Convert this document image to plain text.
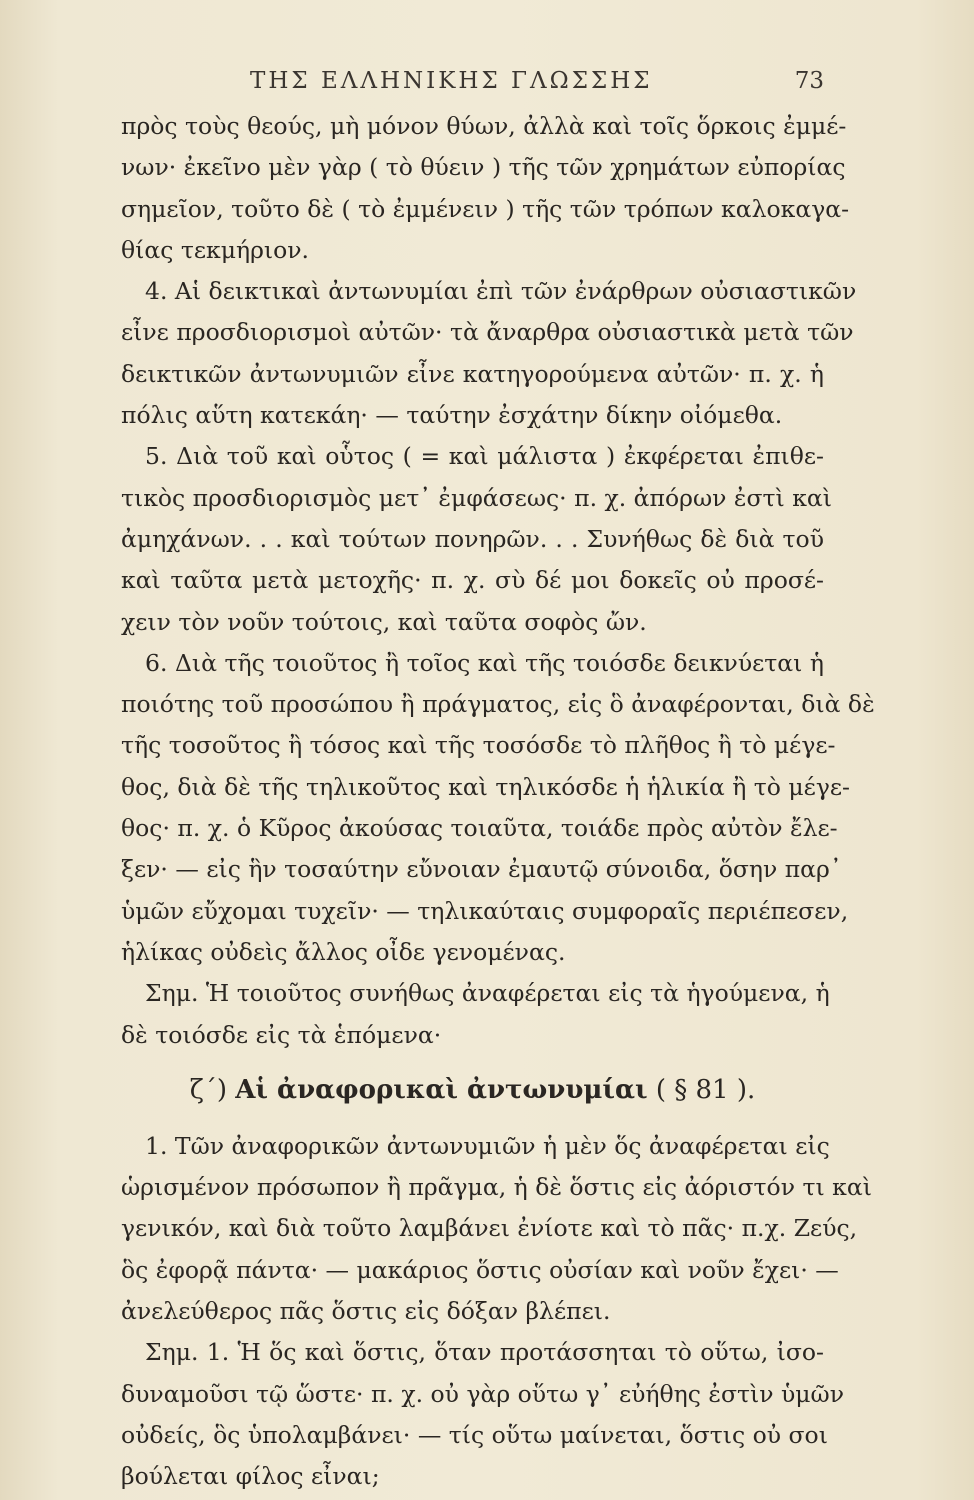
ΤΗΣ ΕΛΛΗΝΙΚΗΣ ΓΛΩΣΣΗΣ	73
πρὸς τοὺς θεούς, μὴ μόνον θύων, ἀλλὰ καὶ τοῖς ὅρκοις ἐμμέ-
νων· ἐκεῖνο μὲν γὰρ ( τὸ θύειν ) τῆς τῶν χρημάτων εὐπορίας
σημεῖον, τοῦτο δὲ ( τὸ ἐμμένειν ) τῆς τῶν τρόπων καλοκαγα-
θίας τεκμήριον.
4. Αἱ δεικτικαὶ ἀντωνυμίαι ἐπὶ τῶν ἐνάρθρων οὐσιαστικῶν
εἶνε προσδιορισμοὶ αὐτῶν· τὰ ἄναρθρα οὐσιαστικὰ μετὰ τῶν
δεικτικῶν ἀντωνυμιῶν εἶνε κατηγορούμενα αὐτῶν· π. χ. ἡ
πόλις αὕτη κατεκάη· — ταύτην ἐσχάτην δίκην οἰόμεθα.
5. Διὰ τοῦ καὶ οὗτος ( = καὶ μάλιστα ) ἐκφέρεται ἐπιθε-
τικὸς προσδιορισμὸς μετ᾽ ἐμφάσεως· π. χ. ἀπόρων ἐστὶ καὶ
ἀμηχάνων. . . καὶ τούτων πονηρῶν. . . Συνήθως δὲ διὰ τοῦ
καὶ ταῦτα μετὰ μετοχῆς· π. χ. σὺ δέ μοι δοκεῖς οὐ προσέ-
χειν τὸν νοῦν τούτοις, καὶ ταῦτα σοφὸς ὤν.
6. Διὰ τῆς τοιοῦτος ἢ τοῖος καὶ τῆς τοιόσδε δεικνύεται ἡ
ποιότης τοῦ προσώπου ἢ πράγματος, εἰς ὃ ἀναφέρονται, διὰ δὲ
τῆς τοσοῦτος ἢ τόσος καὶ τῆς τοσόσδε τὸ πλῆθος ἢ τὸ μέγε-
θος, διὰ δὲ τῆς τηλικοῦτος καὶ τηλικόσδε ἡ ἡλικία ἢ τὸ μέγε-
θος· π. χ. ὁ Κῦρος ἀκούσας τοιαῦτα, τοιάδε πρὸς αὐτὸν ἔλε-
ξεν· — εἰς ἣν τοσαύτην εὔνοιαν ἐμαυτῷ σύνοιδα, ὅσην παρ᾽
ὑμῶν εὔχομαι τυχεῖν· — τηλικαύταις συμφοραῖς περιέπεσεν,
ἡλίκας οὐδεὶς ἄλλος οἶδε γενομένας.
Σημ. Ἡ τοιοῦτος συνήθως ἀναφέρεται εἰς τὰ ἡγούμενα, ἡ
δὲ τοιόσδε εἰς τὰ ἑπόμενα·
ζ΄) Αἱ ἀναφορικαὶ ἀντωνυμίαι ( § 81 ).
1. Τῶν ἀναφορικῶν ἀντωνυμιῶν ἡ μὲν ὅς ἀναφέρεται εἰς
ὡρισμένον πρόσωπον ἢ πρᾶγμα, ἡ δὲ ὅστις εἰς ἀόριστόν τι καὶ
γενικόν, καὶ διὰ τοῦτο λαμβάνει ἐνίοτε καὶ τὸ πᾶς· π.χ. Ζεύς,
ὃς ἐφορᾷ πάντα· — μακάριος ὅστις οὐσίαν καὶ νοῦν ἔχει· —
ἀνελεύθερος πᾶς ὅστις εἰς δόξαν βλέπει.
Σημ. 1. Ἡ ὅς καὶ ὅστις, ὅταν προτάσσηται τὸ οὕτω, ἰσο-
δυναμοῦσι τῷ ὥστε· π. χ. οὐ γὰρ οὕτω γ᾽ εὐήθης ἐστὶν ὑμῶν
οὐδείς, ὃς ὑπολαμβάνει· — τίς οὕτω μαίνεται, ὅστις οὐ σοι
βούλεται φίλος εἶναι;
